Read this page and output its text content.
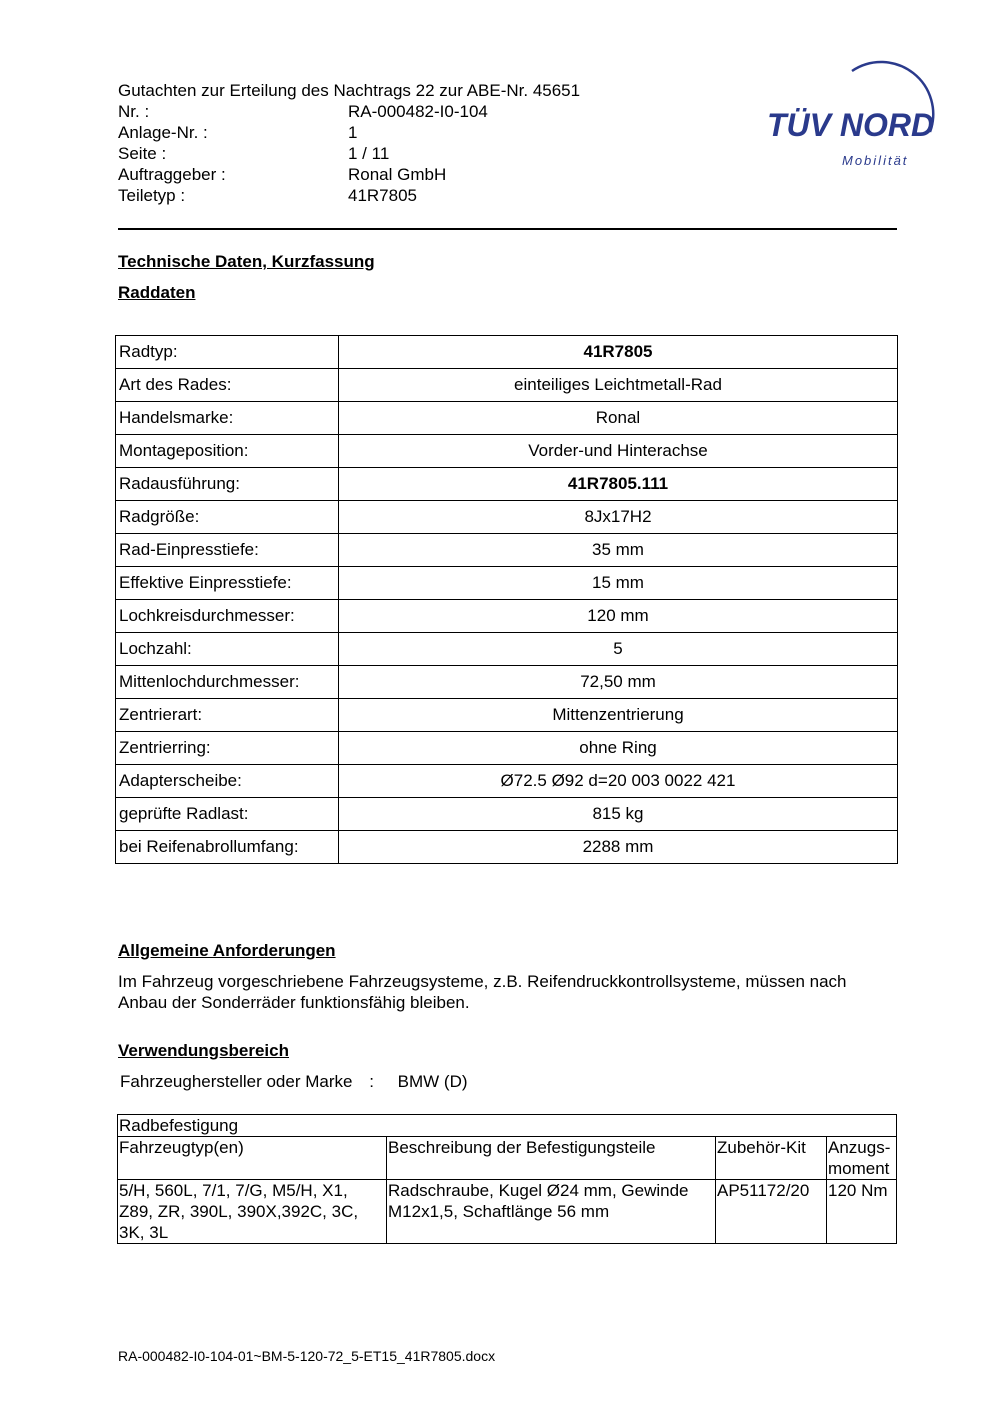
Gutachten zur Erteilung des Nachtrags 22 zur ABE-Nr. 45651
Nr. :	RA-000482-I0-104
Anlage-Nr. :	1
Seite :	1 / 11
Auftraggeber :	Ronal GmbH
Teiletyp :	41R7805
TÜV NORD
Mobilität
Technische Daten, Kurzfassung
Raddaten
Radtyp:	41R7805
Art des Rades:	einteiliges Leichtmetall-Rad
Handelsmarke:	Ronal
Montageposition:	Vorder-und Hinterachse
Radausführung:	41R7805.111
Radgröße:	8Jx17H2
Rad-Einpresstiefe:	35 mm
Effektive Einpresstiefe:	15 mm
Lochkreisdurchmesser:	120 mm
Lochzahl:	5
Mittenlochdurchmesser:	72,50 mm
Zentrierart:	Mittenzentrierung
Zentrierring:	ohne Ring
Adapterscheibe:	Ø72.5 Ø92 d=20 003 0022 421
geprüfte Radlast:	815 kg
bei Reifenabrollumfang:	2288 mm
Allgemeine Anforderungen
Im Fahrzeug vorgeschriebene Fahrzeugsysteme, z.B. Reifendruckkontrollsysteme, müssen nach Anbau der Sonderräder funktionsfähig bleiben.
Verwendungsbereich
Fahrzeughersteller oder Marke : BMW (D)
Radbefestigung			
Fahrzeugtyp(en)	Beschreibung der Befestigungsteile	Zubehör-Kit	Anzugs-moment
5/H, 560L, 7/1, 7/G, M5/H, X1, Z89, ZR, 390L, 390X,392C, 3C, 3K, 3L	Radschraube, Kugel Ø24 mm, Gewinde M12x1,5, Schaftlänge 56 mm	AP51172/20	120 Nm
RA-000482-I0-104-01~BM-5-120-72_5-ET15_41R7805.docx
